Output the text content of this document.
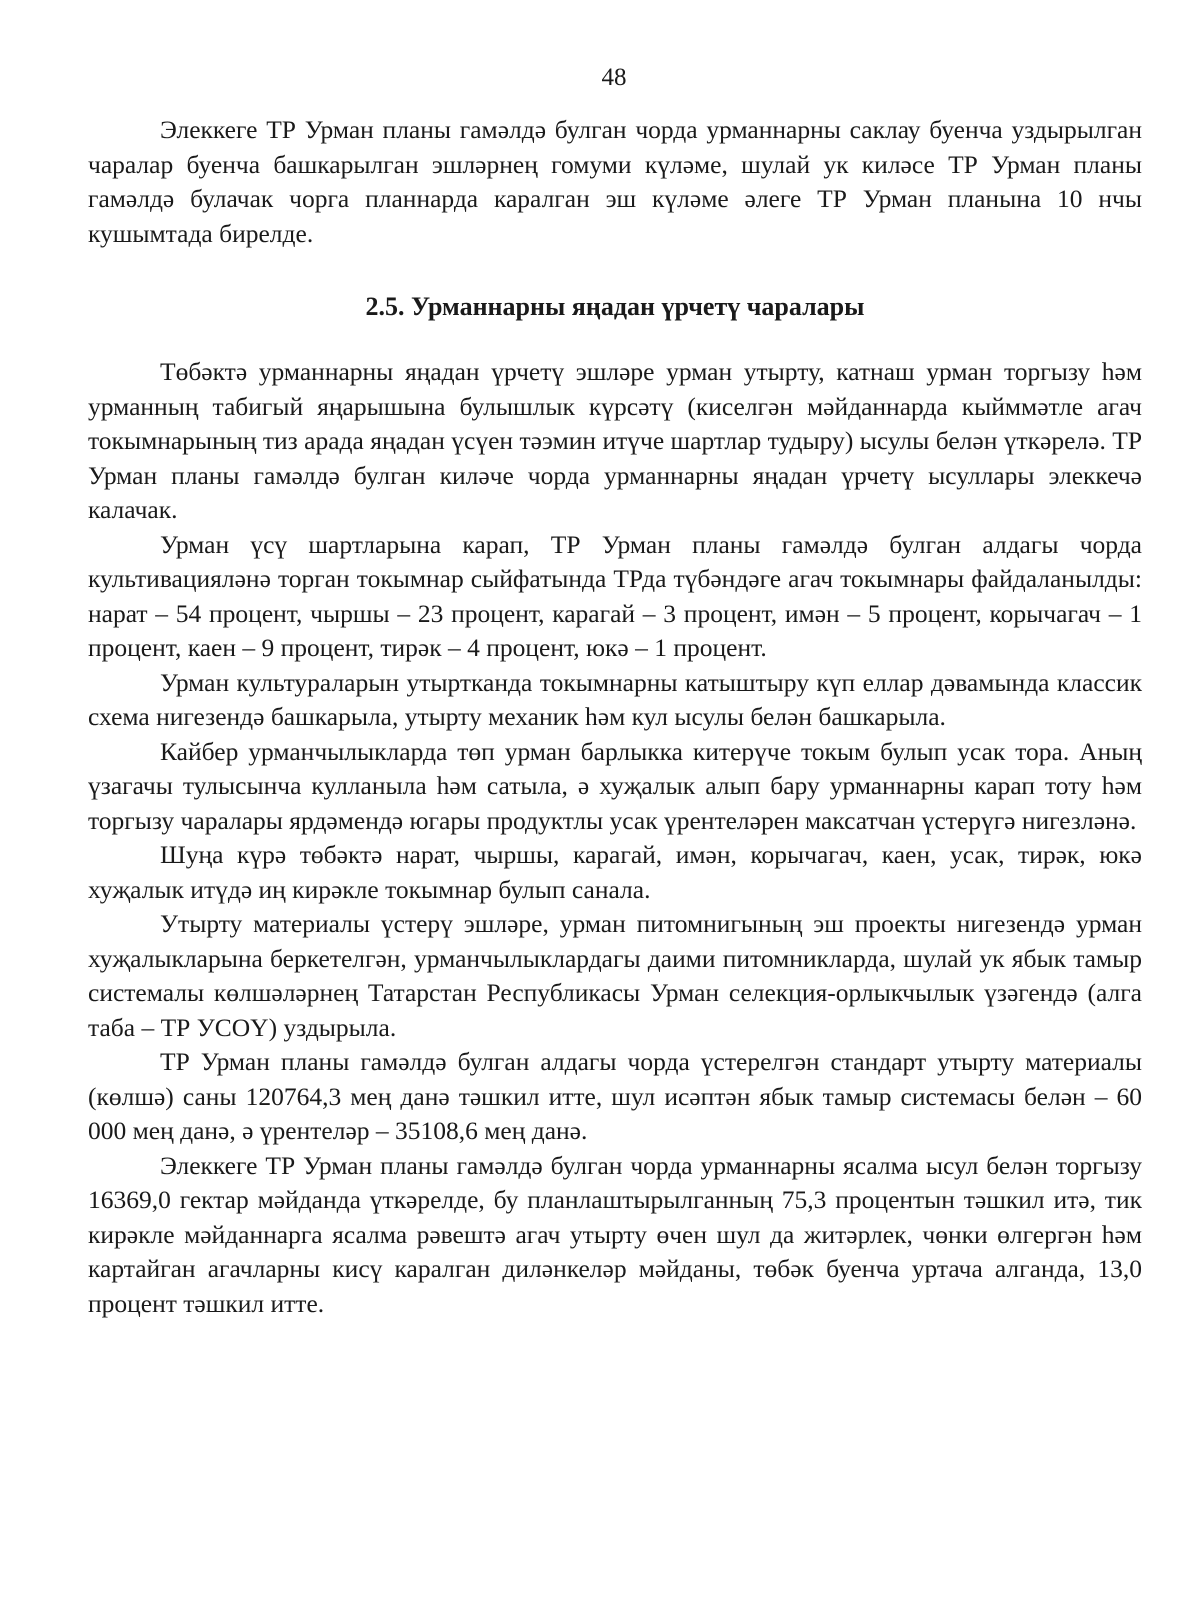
48

Элеккеге ТР Урман планы гамәлдә булган чорда урманнарны саклау буенча уздырылган чаралар буенча башкарылган эшләрнең гомуми күләме, шулай ук киләсе ТР Урман планы гамәлдә булачак чорга планнарда каралган эш күләме әлеге ТР Урман планына 10 нчы кушымтада бирелде.

2.5. Урманнарны яңадан үрчетү чаралары

Төбәктә урманнарны яңадан үрчетү эшләре урман утырту, катнаш урман торгызу һәм урманның табигый яңарышына булышлык күрсәтү (киселгән мәйданнарда кыйммәтле агач токымнарының тиз арада яңадан үсүен тәэмин итүче шартлар тудыру) ысулы белән үткәрелә. ТР Урман планы гамәлдә булган киләче чорда урманнарны яңадан үрчетү ысуллары элеккечә калачак.

Урман үсү шартларына карап, ТР Урман планы гамәлдә булган алдагы чорда культивацияләнә торган токымнар сыйфатында ТРда түбәндәге агач токымнары файдаланылды: нарат – 54 процент, чыршы – 23 процент, карагай – 3 процент, имән – 5 процент, корычагач – 1 процент, каен – 9 процент, тирәк – 4 процент, юкә – 1 процент.

Урман культураларын утыртканда токымнарны катыштыру күп еллар дәвамында классик схема нигезендә башкарыла, утырту механик һәм кул ысулы белән башкарыла.

Кайбер урманчылыкларда төп урман барлыкка китерүче токым булып усак тора. Аның үзагачы тулысынча кулланыла һәм сатыла, ә хуҗалык алып бару урманнарны карап тоту һәм торгызу чаралары ярдәмендә югары продуктлы усак үрентеләрен максатчан үстерүгә нигезләнә.

Шуңа күрә төбәктә нарат, чыршы, карагай, имән, корычагач, каен, усак, тирәк, юкә хуҗалык итүдә иң кирәкле токымнар булып санала.

Утырту материалы үстерү эшләре, урман питомнигының эш проекты нигезендә урман хуҗалыкларына беркетелгән, урманчылыклардагы даими питомникларда, шулай ук ябык тамыр системалы көлшәләрнең Татарстан Республикасы Урман селекция-орлыкчылык үзәгендә (алга таба – ТР УСОҮ) уздырыла.

ТР Урман планы гамәлдә булган алдагы чорда үстерелгән стандарт утырту материалы (көлшә) саны 120764,3 мең данә тәшкил итте, шул исәптән ябык тамыр системасы белән – 60 000 мең данә, ә үрентеләр – 35108,6 мең данә.

Элеккеге ТР Урман планы гамәлдә булган чорда урманнарны ясалма ысул белән торгызу 16369,0 гектар мәйданда үткәрелде, бу планлаштырылганның 75,3 процентын тәшкил итә, тик кирәкле мәйданнарга ясалма рәвештә агач утырту өчен шул да житәрлек, чөнки өлгергән һәм картайган агачларны кисү каралган диләнкеләр мәйданы, төбәк буенча уртача алганда, 13,0 процент тәшкил итте.
